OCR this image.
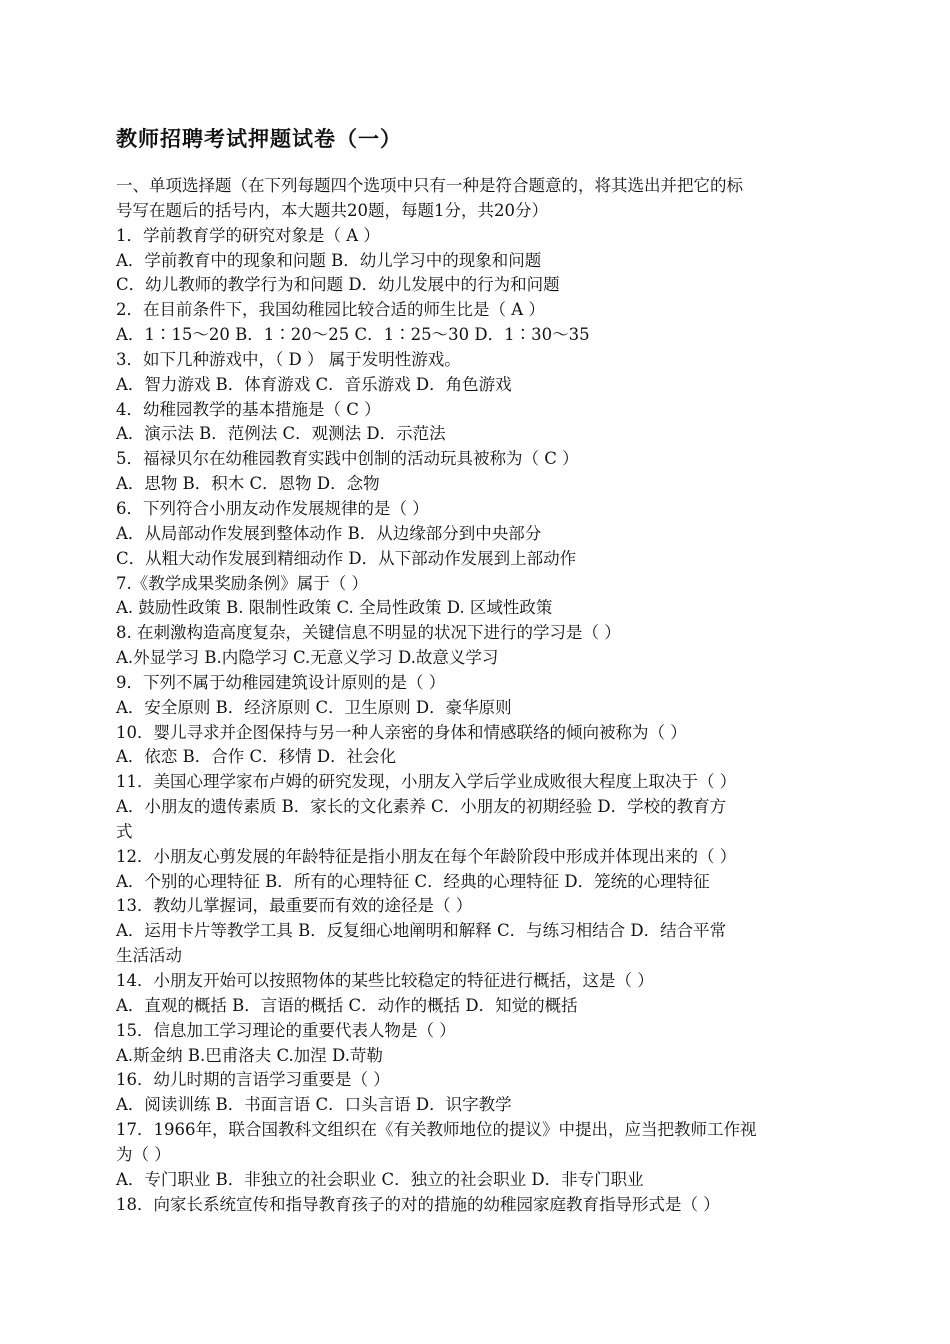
教师招聘考试押题试卷（一）
一、单项选择题（在下列每题四个选项中只有一种是符合题意的，将其选出并把它的标
号写在题后的括号内，本大题共20题，每题1分，共20分）
1．学前教育学的研究对象是（ A ）
A．学前教育中的现象和问题 B．幼儿学习中的现象和问题
C．幼儿教师的教学行为和问题 D．幼儿发展中的行为和问题
2．在目前条件下，我国幼稚园比较合适的师生比是（ A ）
A．1∶15～20 B．1∶20～25 C．1∶25～30 D．1∶30～35
3．如下几种游戏中，（ D ） 属于发明性游戏。
A．智力游戏 B．体育游戏 C．音乐游戏 D．角色游戏
4．幼稚园教学的基本措施是（ C ）
A．演示法 B．范例法 C．观测法 D．示范法
5．福禄贝尔在幼稚园教育实践中创制的活动玩具被称为（ C ）
A．思物 B．积木 C．恩物 D．念物
6．下列符合小朋友动作发展规律的是（ ）
A．从局部动作发展到整体动作 B．从边缘部分到中央部分
C．从粗大动作发展到精细动作 D．从下部动作发展到上部动作
7.《教学成果奖励条例》属于（ ）
A. 鼓励性政策 B. 限制性政策 C. 全局性政策 D. 区域性政策
8. 在刺激构造高度复杂，关键信息不明显的状况下进行的学习是（ ）
A.外显学习 B.内隐学习 C.无意义学习 D.故意义学习
9．下列不属于幼稚园建筑设计原则的是（ ）
A．安全原则 B．经济原则 C．卫生原则 D．豪华原则
10．婴儿寻求并企图保持与另一种人亲密的身体和情感联络的倾向被称为（ ）
A．依恋 B．合作 C．移情 D．社会化
11．美国心理学家布卢姆的研究发现，小朋友入学后学业成败很大程度上取决于（ ）
A．小朋友的遗传素质 B．家长的文化素养 C．小朋友的初期经验 D．学校的教育方
式
12．小朋友心剪发展的年龄特征是指小朋友在每个年龄阶段中形成并体现出来的（ ）
A．个别的心理特征 B．所有的心理特征 C．经典的心理特征 D．笼统的心理特征
13．教幼儿掌握词，最重要而有效的途径是（ ）
A．运用卡片等教学工具 B．反复细心地阐明和解释 C．与练习相结合 D．结合平常
生活活动
14．小朋友开始可以按照物体的某些比较稳定的特征进行概括，这是（ ）
A．直观的概括 B．言语的概括 C．动作的概括 D．知觉的概括
15．信息加工学习理论的重要代表人物是（ ）
A.斯金纳 B.巴甫洛夫 C.加涅 D.苛勒
16．幼儿时期的言语学习重要是（ ）
A．阅读训练 B．书面言语 C．口头言语 D．识字教学
17．1966年，联合国教科文组织在《有关教师地位的提议》中提出，应当把教师工作视
为（ ）
A．专门职业 B．非独立的社会职业 C．独立的社会职业 D．非专门职业
18．向家长系统宣传和指导教育孩子的对的措施的幼稚园家庭教育指导形式是（ ）
